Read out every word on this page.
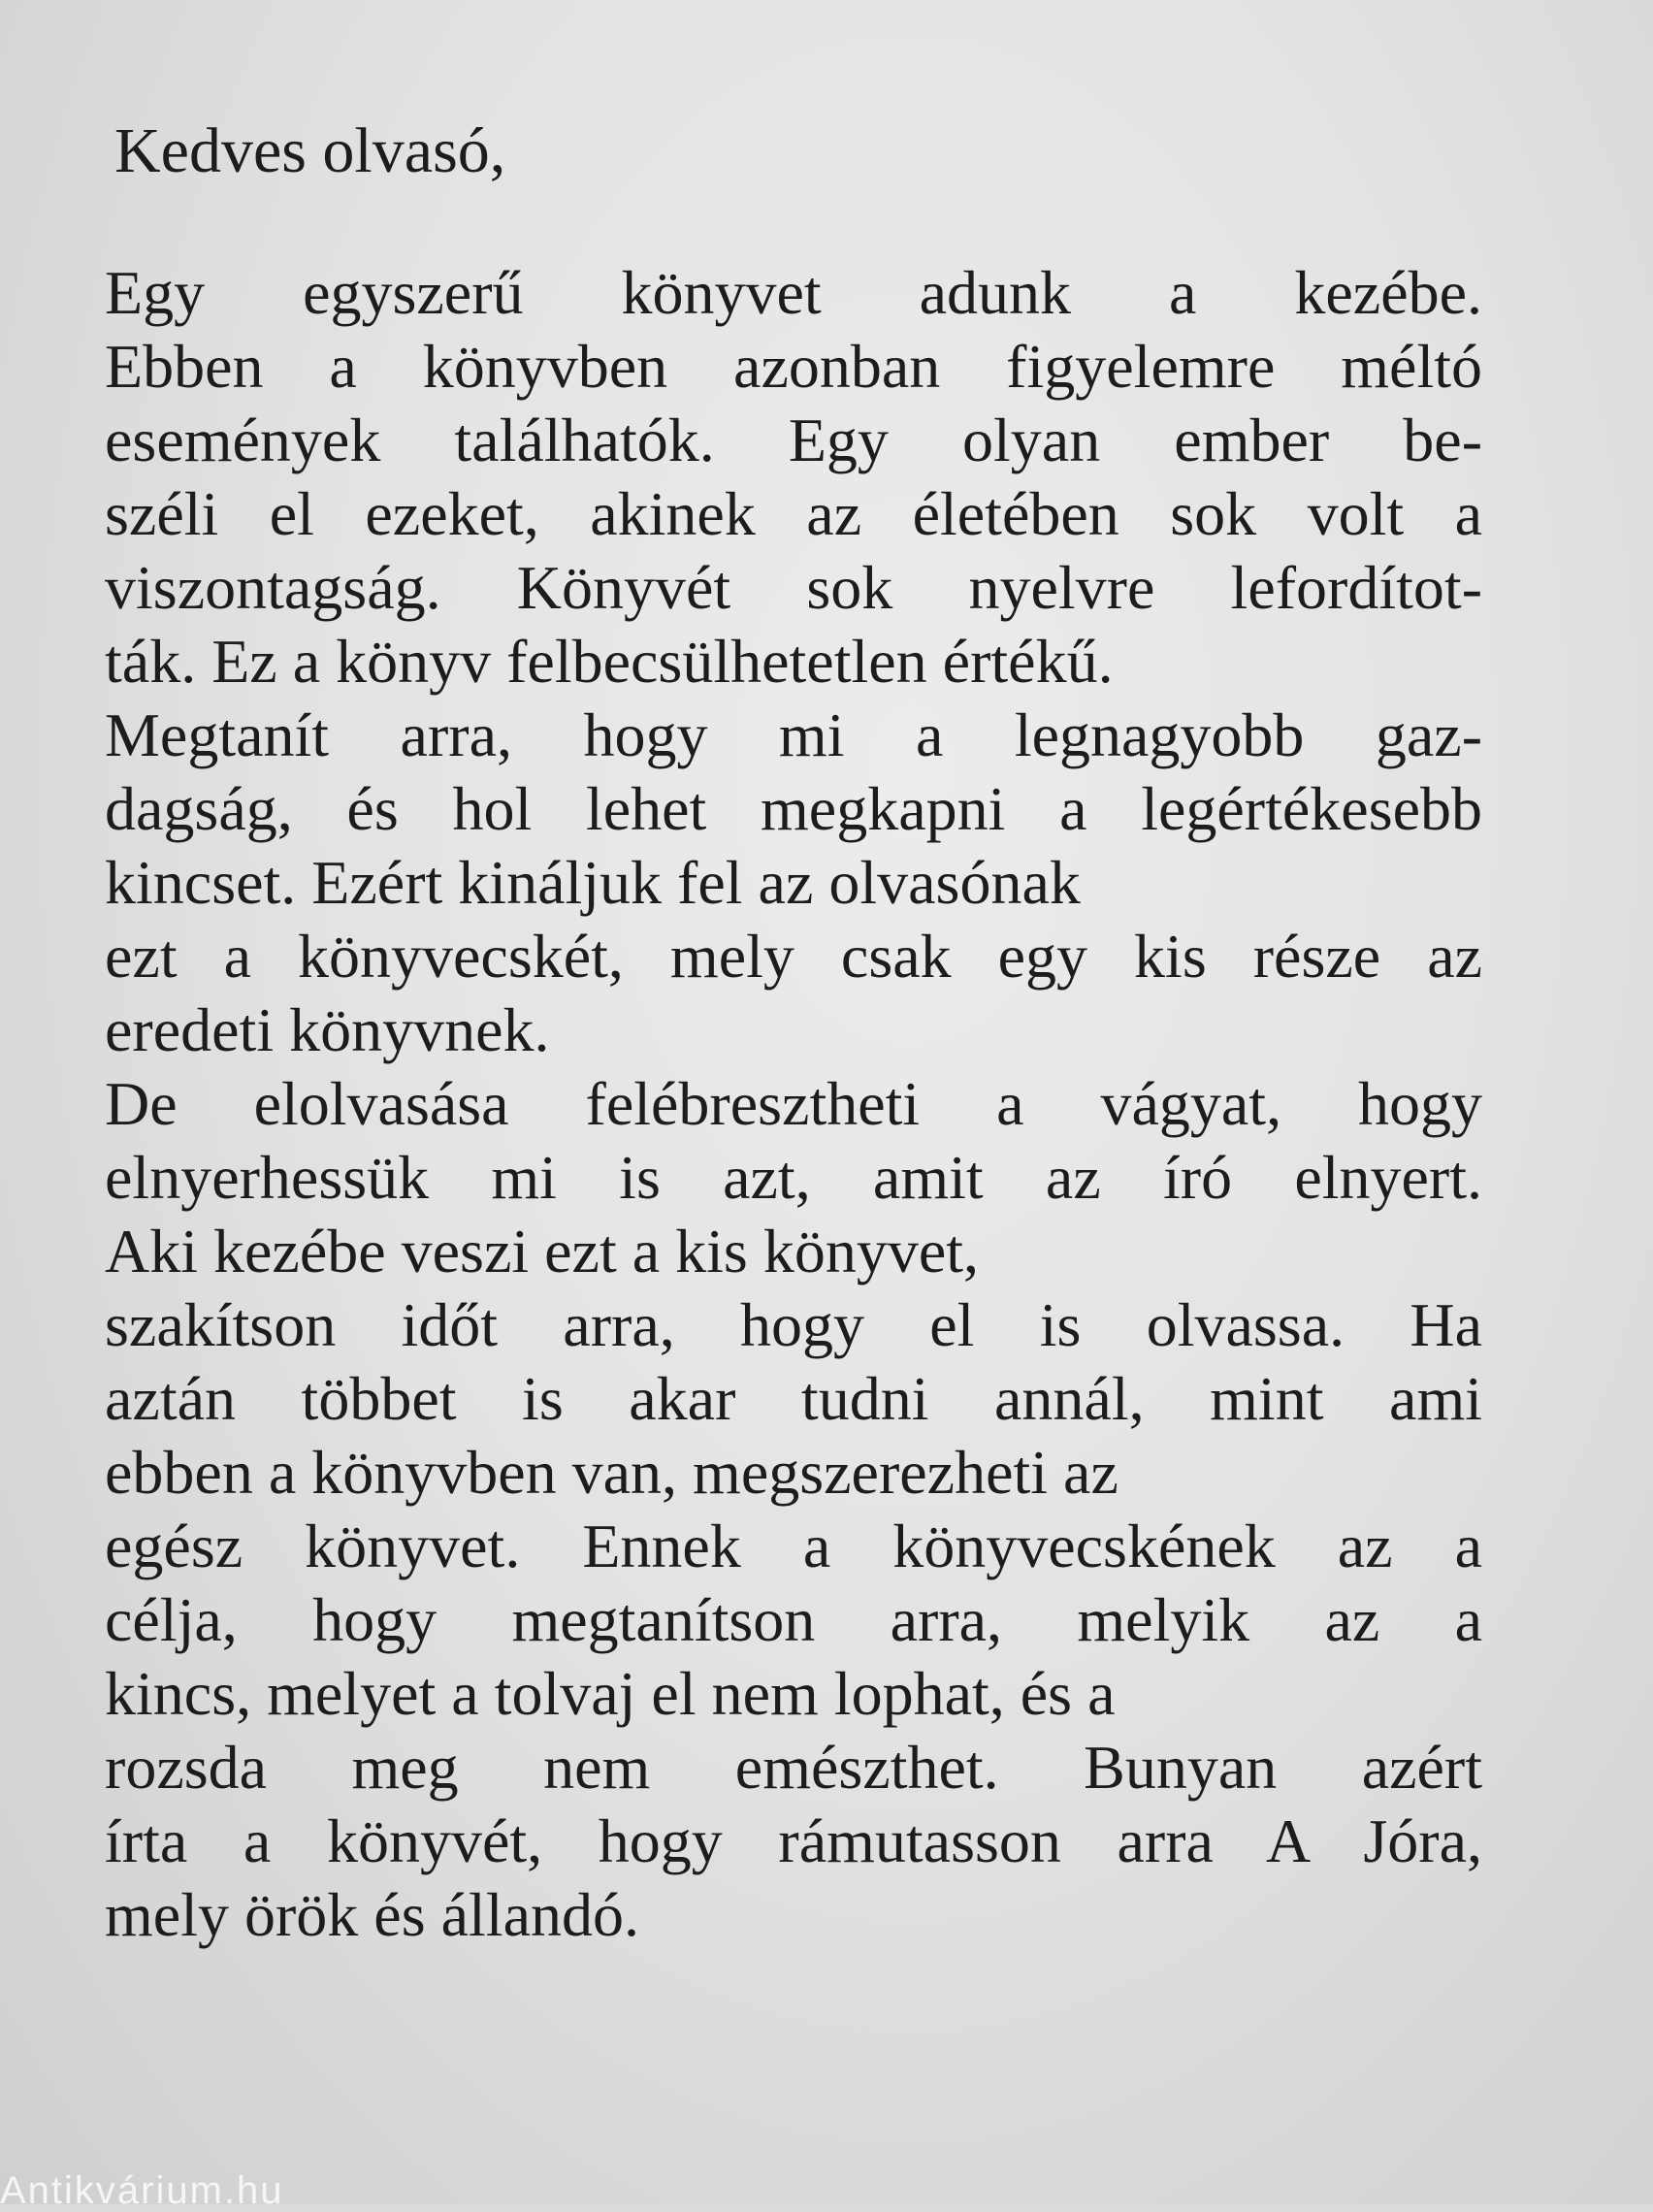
Kedves olvasó,

Egy egyszerű könyvet adunk a kezébe.
Ebben a könyvben azonban figyelemre méltó
események találhatók. Egy olyan ember be-
széli el ezeket, akinek az életében sok volt a
viszontagság. Könyvét sok nyelvre lefordítot-
ták. Ez a könyv felbecsülhetetlen értékű.
Megtanít arra, hogy mi a legnagyobb gaz-
dagság, és hol lehet megkapni a legértékesebb
kincset. Ezért kináljuk fel az olvasónak
ezt a könyvecskét, mely csak egy kis része az
eredeti könyvnek.
De elolvasása felébresztheti a vágyat, hogy
elnyerhessük mi is azt, amit az író elnyert.
Aki kezébe veszi ezt a kis könyvet,
szakítson időt arra, hogy el is olvassa. Ha
aztán többet is akar tudni annál, mint ami
ebben a könyvben van, megszerezheti az
egész könyvet. Ennek a könyvecskének az a
célja, hogy megtanítson arra, melyik az a
kincs, melyet a tolvaj el nem lophat, és a
rozsda meg nem emészthet. Bunyan azért
írta a könyvét, hogy rámutasson arra A Jóra,
mely örök és állandó.
Antikvárium.hu
